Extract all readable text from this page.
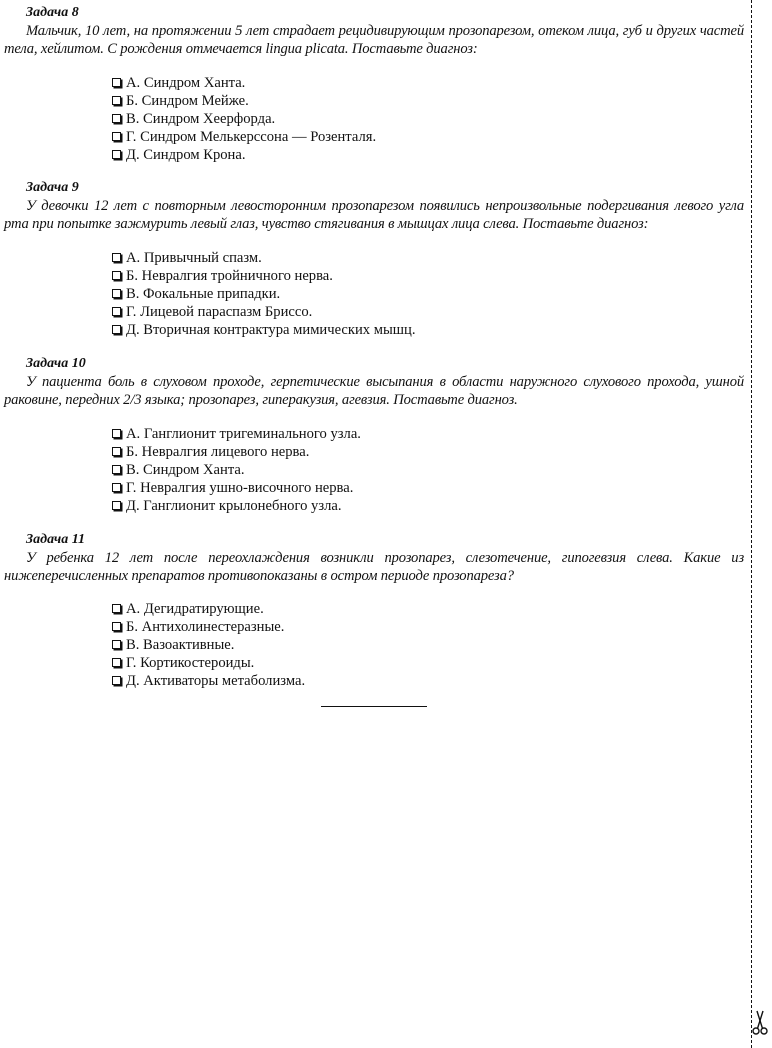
Задача 8
Мальчик, 10 лет, на протяжении 5 лет страдает рецидивирующим прозопарезом, отеком лица, губ и других частей тела, хейлитом. С рождения отмечается lingua plicata. Поставьте диагноз:
А. Синдром Ханта.
Б. Синдром Мейже.
В. Синдром Хеерфорда.
Г. Синдром Мелькерссона — Розенталя.
Д. Синдром Крона.
Задача 9
У девочки 12 лет с повторным левосторонним прозопарезом появились непроизвольные подергивания левого угла рта при попытке зажмурить левый глаз, чувство стягивания в мышцах лица слева. Поставьте диагноз:
А. Привычный спазм.
Б. Невралгия тройничного нерва.
В. Фокальные припадки.
Г. Лицевой параспазм Бриссо.
Д. Вторичная контрактура мимических мышц.
Задача 10
У пациента боль в слуховом проходе, герпетические высыпания в области наружного слухового прохода, ушной раковине, передних 2/3 языка; прозопарез, гиперакузия, агевзия. Поставьте диагноз.
А. Ганглионит тригеминального узла.
Б. Невралгия лицевого нерва.
В. Синдром Ханта.
Г. Невралгия ушно-височного нерва.
Д. Ганглионит крылонебного узла.
Задача 11
У ребенка 12 лет после переохлаждения возникли прозопарез, слезотечение, гипогевзия слева. Какие из нижеперечисленных препаратов противопоказаны в остром периоде прозопареза?
А. Дегидратирующие.
Б. Антихолинестеразные.
В. Вазоактивные.
Г. Кортикостероиды.
Д. Активаторы метаболизма.
